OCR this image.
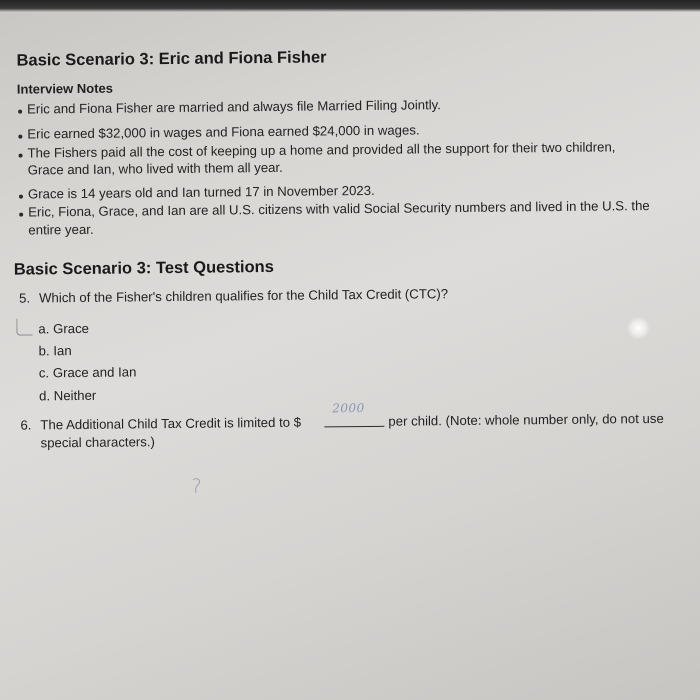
Basic Scenario 3: Eric and Fiona Fisher
Interview Notes
Eric and Fiona Fisher are married and always file Married Filing Jointly.
Eric earned $32,000 in wages and Fiona earned $24,000 in wages.
The Fishers paid all the cost of keeping up a home and provided all the support for their two children,
Grace and Ian, who lived with them all year.
Grace is 14 years old and Ian turned 17 in November 2023.
Eric, Fiona, Grace, and Ian are all U.S. citizens with valid Social Security numbers and lived in the U.S. the
entire year.
Basic Scenario 3: Test Questions
5. Which of the Fisher's children qualifies for the Child Tax Credit (CTC)?
a. Grace
b. Ian
c. Grace and Ian
d. Neither
6. The Additional Child Tax Credit is limited to $
2000
per child. (Note: whole number only, do not use
special characters.)
